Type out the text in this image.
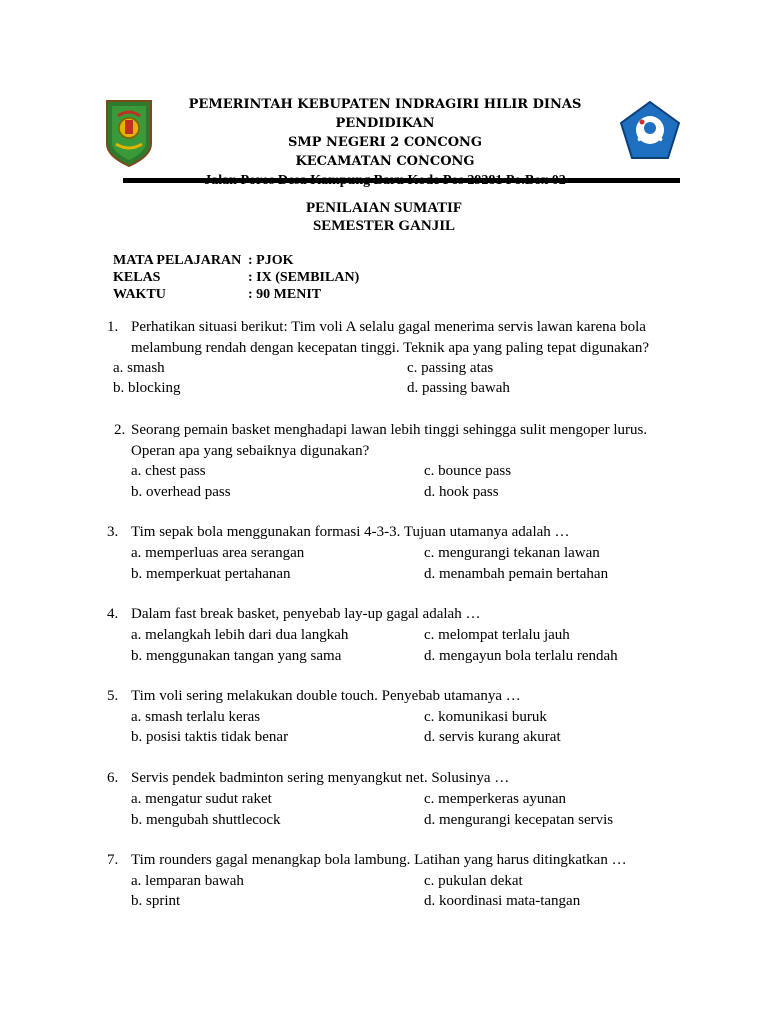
PEMERINTAH KEBUPATEN INDRAGIRI HILIR DINAS PENDIDIKAN
SMP NEGERI 2 CONCONG
KECAMATAN CONCONG
PENILAIAN SUMATIF
SEMESTER GANJIL
MATA PELAJARAN : PJOK
KELAS	: IX (SEMBILAN)
WAKTU	: 90 MENIT
1. Perhatikan situasi berikut: Tim voli A selalu gagal menerima servis lawan karena bola melambung rendah dengan kecepatan tinggi. Teknik apa yang paling tepat digunakan?
a. smash	c. passing atas
b. blocking	d. passing bawah
2. Seorang pemain basket menghadapi lawan lebih tinggi sehingga sulit mengoper lurus. Operan apa yang sebaiknya digunakan?
a. chest pass	c. bounce pass
b. overhead pass	d. hook pass
3. Tim sepak bola menggunakan formasi 4-3-3. Tujuan utamanya adalah …
a. memperluas area serangan	c. mengurangi tekanan lawan
b. memperkuat pertahanan	d. menambah pemain bertahan
4. Dalam fast break basket, penyebab lay-up gagal adalah …
a. melangkah lebih dari dua langkah	c. melompat terlalu jauh
b. menggunakan tangan yang sama	d. mengayun bola terlalu rendah
5. Tim voli sering melakukan double touch. Penyebab utamanya …
a. smash terlalu keras	c. komunikasi buruk
b. posisi taktis tidak benar	d. servis kurang akurat
6. Servis pendek badminton sering menyangkut net. Solusinya …
a. mengatur sudut raket	c. memperkeras ayunan
b. mengubah shuttlecock	d. mengurangi kecepatan servis
7. Tim rounders gagal menangkap bola lambung. Latihan yang harus ditingkatkan …
a. lemparan bawah	c. pukulan dekat
b. sprint	d. koordinasi mata-tangan
